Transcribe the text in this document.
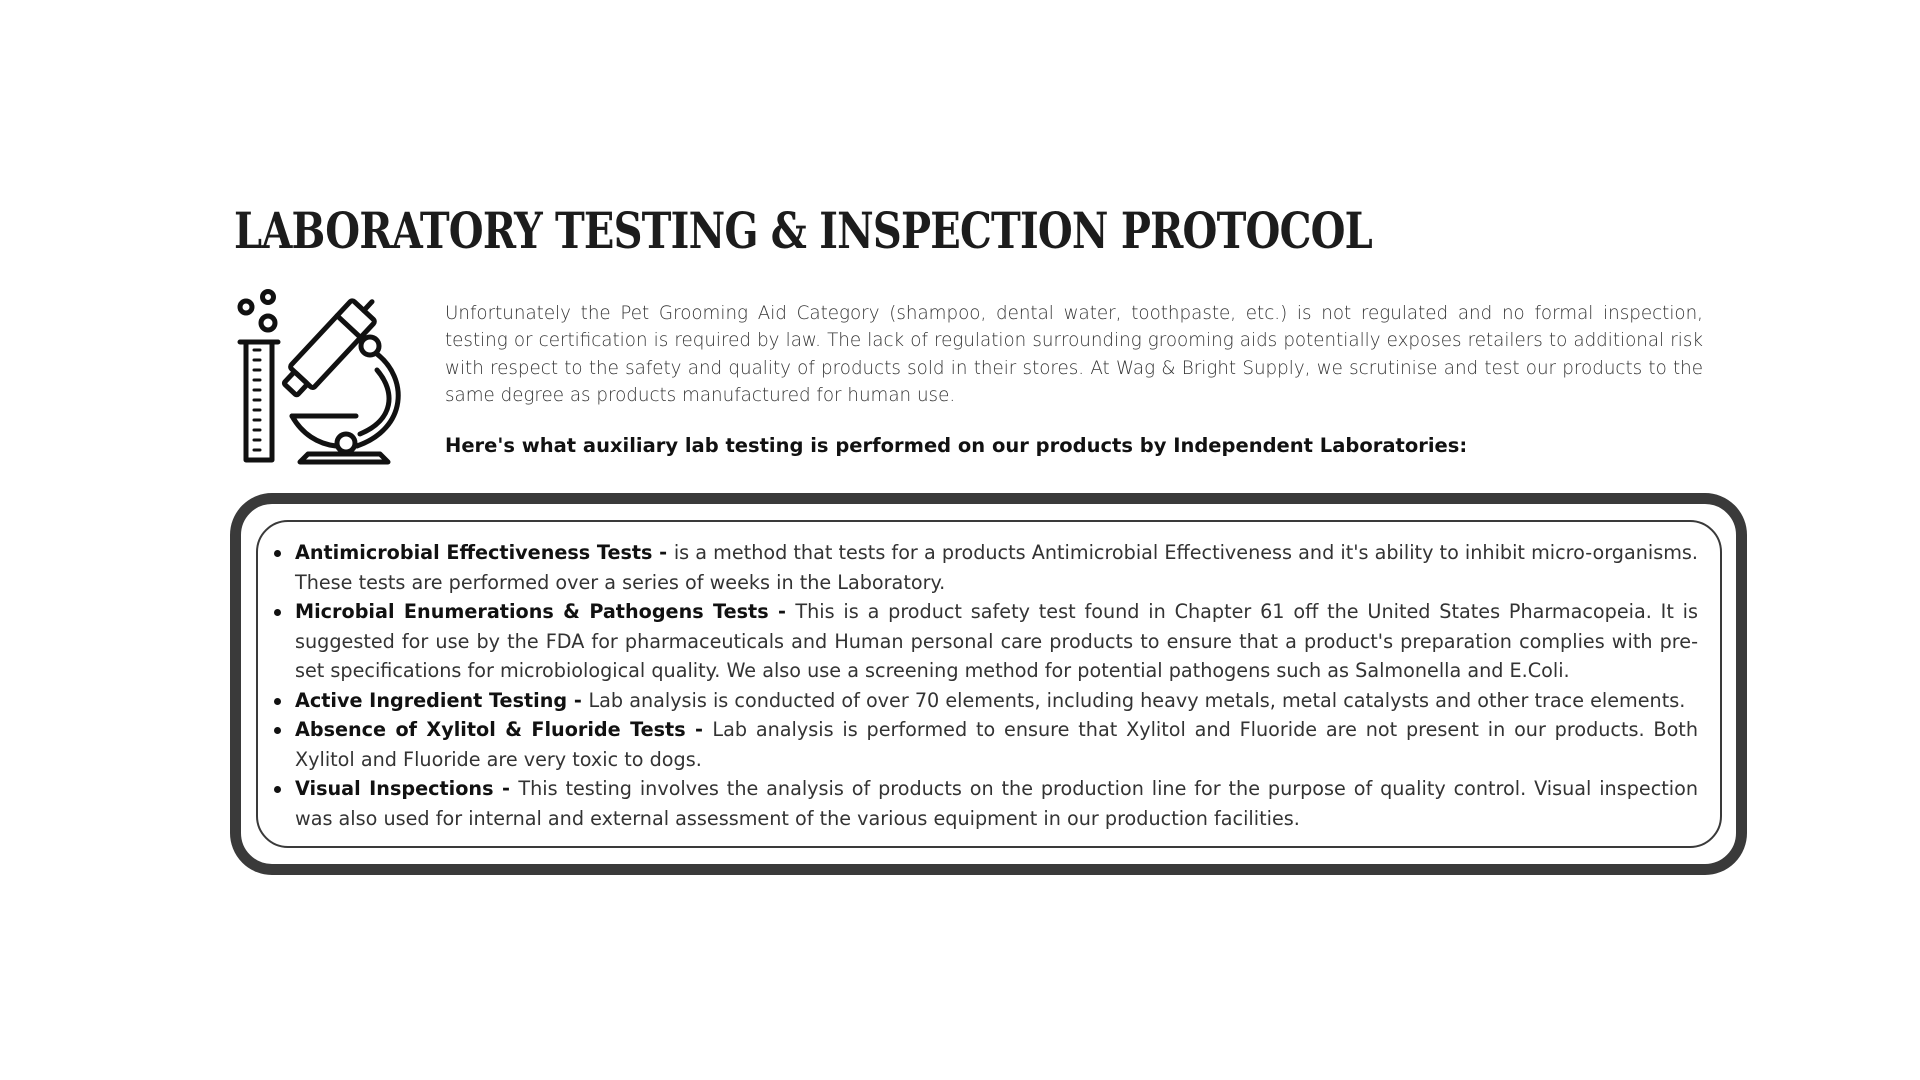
LABORATORY TESTING & INSPECTION PROTOCOL

Unfortunately the Pet Grooming Aid Category (shampoo, dental water, toothpaste, etc.) is not regulated and no formal inspection, testing or certification is required by law. The lack of regulation surrounding grooming aids potentially exposes retailers to additional risk with respect to the safety and quality of products sold in their stores. At Wag & Bright Supply, we scrutinise and test our products to the same degree as products manufactured for human use.

Here's what auxiliary lab testing is performed on our products by Independent Laboratories:

Antimicrobial Effectiveness Tests - is a method that tests for a products Antimicrobial Effectiveness and it's ability to inhibit micro-organisms. These tests are performed over a series of weeks in the Laboratory.
Microbial Enumerations & Pathogens Tests - This is a product safety test found in Chapter 61 off the United States Pharmacopeia. It is suggested for use by the FDA for pharmaceuticals and Human personal care products to ensure that a product's preparation complies with pre-set specifications for microbiological quality. We also use a screening method for potential pathogens such as Salmonella and E.Coli.
Active Ingredient Testing - Lab analysis is conducted of over 70 elements, including heavy metals, metal catalysts and other trace elements.
Absence of Xylitol & Fluoride Tests - Lab analysis is performed to ensure that Xylitol and Fluoride are not present in our products. Both Xylitol and Fluoride are very toxic to dogs.
Visual Inspections - This testing involves the analysis of products on the production line for the purpose of quality control. Visual inspection was also used for internal and external assessment of the various equipment in our production facilities.
